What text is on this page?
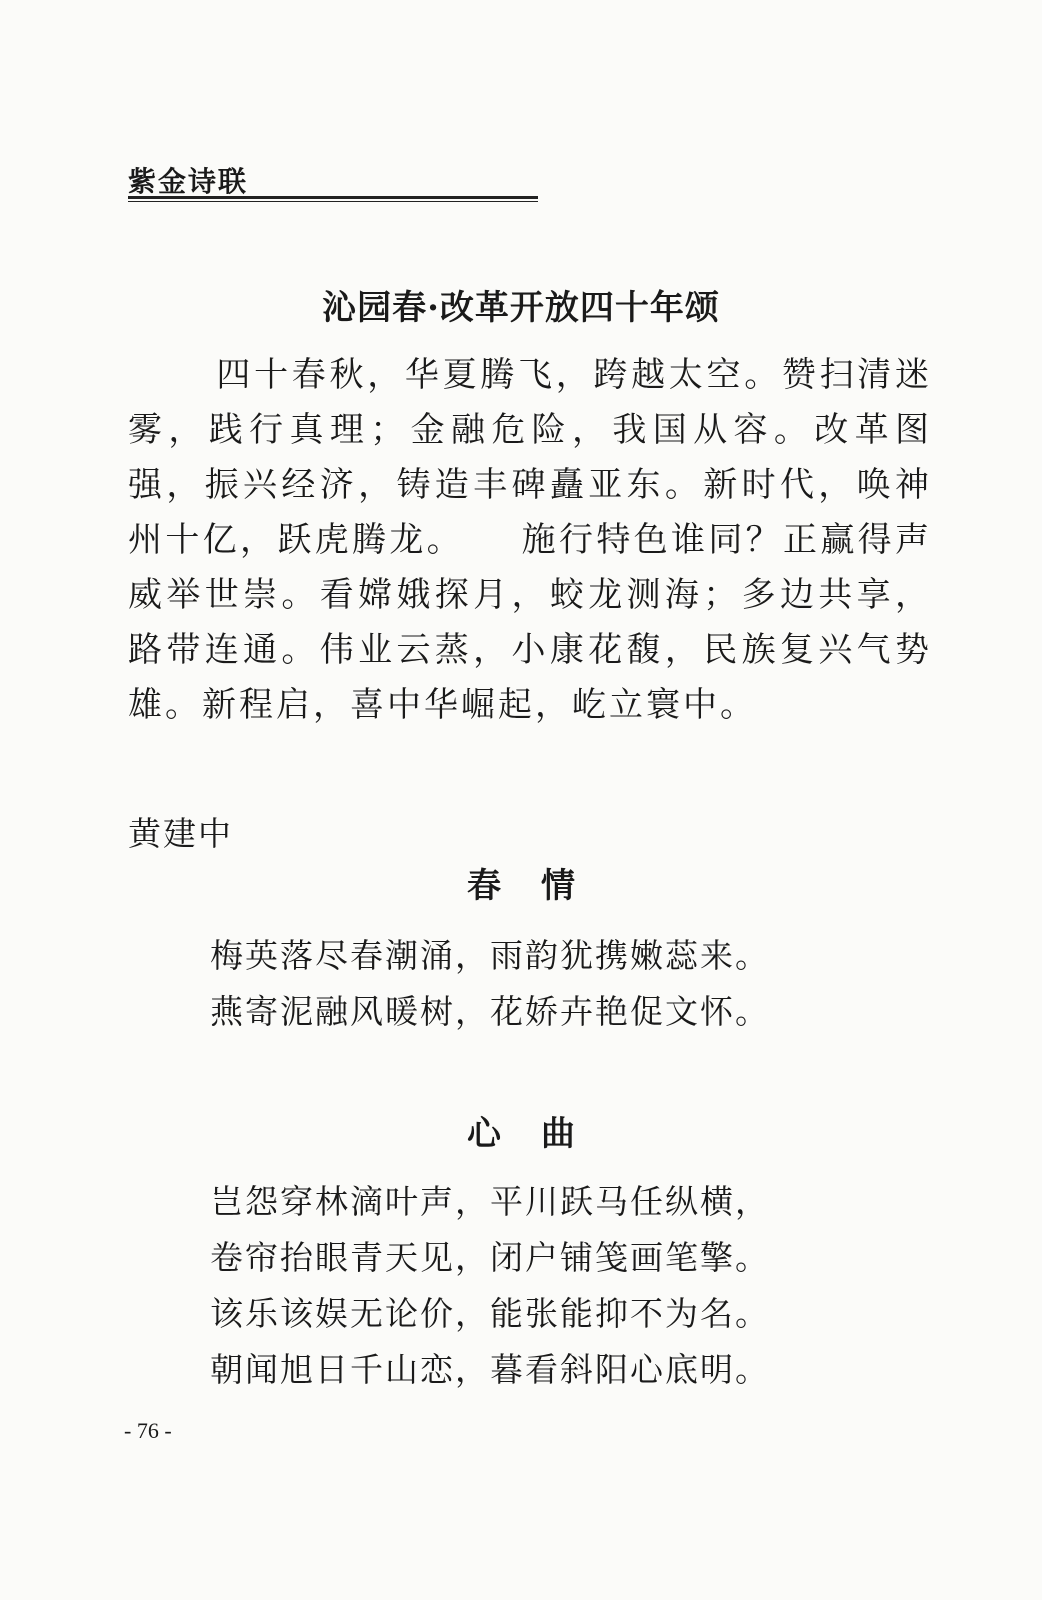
紫金诗联
沁园春·改革开放四十年颂

四十春秋，华夏腾飞，跨越太空。赞扫清迷雾，践行真理；金融危险，我国从容。改革图强，振兴经济，铸造丰碑矗亚东。新时代，唤神州十亿，跃虎腾龙。　　施行特色谁同？正赢得声威举世崇。看嫦娥探月，蛟龙测海；多边共享，路带连通。伟业云蒸，小康花馥，民族复兴气势雄。新程启，喜中华崛起，屹立寰中。

黄建中
春 情
梅英落尽春潮涌，雨韵犹携嫩蕊来。
燕寄泥融风暖树，花娇卉艳促文怀。
心 曲
岂怨穿林滴叶声，平川跃马任纵横，
卷帘抬眼青天见，闭户铺笺画笔擎。
该乐该娱无论价，能张能抑不为名。
朝闻旭日千山恋，暮看斜阳心底明。
- 76 -
